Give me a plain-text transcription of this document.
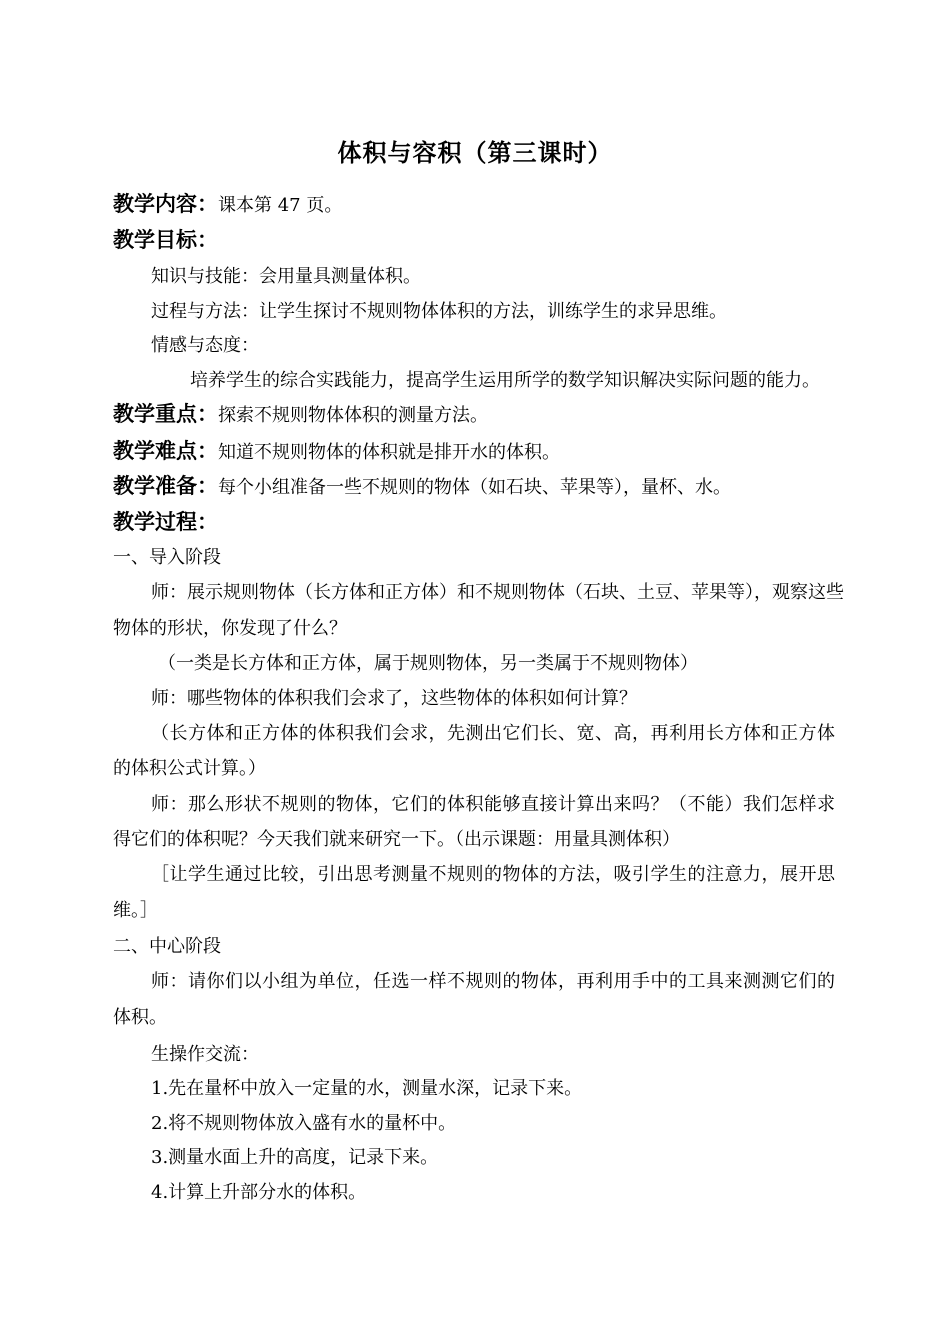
体积与容积（第三课时）
教学内容：课本第 47 页。
教学目标：
知识与技能：会用量具测量体积。
过程与方法：让学生探讨不规则物体体积的方法，训练学生的求异思维。
情感与态度：
培养学生的综合实践能力，提高学生运用所学的数学知识解决实际问题的能力。
教学重点：探索不规则物体体积的测量方法。
教学难点：知道不规则物体的体积就是排开水的体积。
教学准备：每个小组准备一些不规则的物体（如石块、苹果等），量杯、水。
教学过程：
一、导入阶段
师：展示规则物体（长方体和正方体）和不规则物体（石块、土豆、苹果等），观察这些
物体的形状，你发现了什么？
（一类是长方体和正方体，属于规则物体，另一类属于不规则物体）
师：哪些物体的体积我们会求了，这些物体的体积如何计算？
（长方体和正方体的体积我们会求，先测出它们长、宽、高，再利用长方体和正方体
的体积公式计算。）
师：那么形状不规则的物体，它们的体积能够直接计算出来吗？（不能）我们怎样求
得它们的体积呢？今天我们就来研究一下。（出示课题：用量具测体积）
［让学生通过比较，引出思考测量不规则的物体的方法，吸引学生的注意力，展开思
维。］
二、中心阶段
师：请你们以小组为单位，任选一样不规则的物体，再利用手中的工具来测测它们的
体积。
生操作交流：
1.先在量杯中放入一定量的水，测量水深，记录下来。
2.将不规则物体放入盛有水的量杯中。
3.测量水面上升的高度，记录下来。
4.计算上升部分水的体积。
